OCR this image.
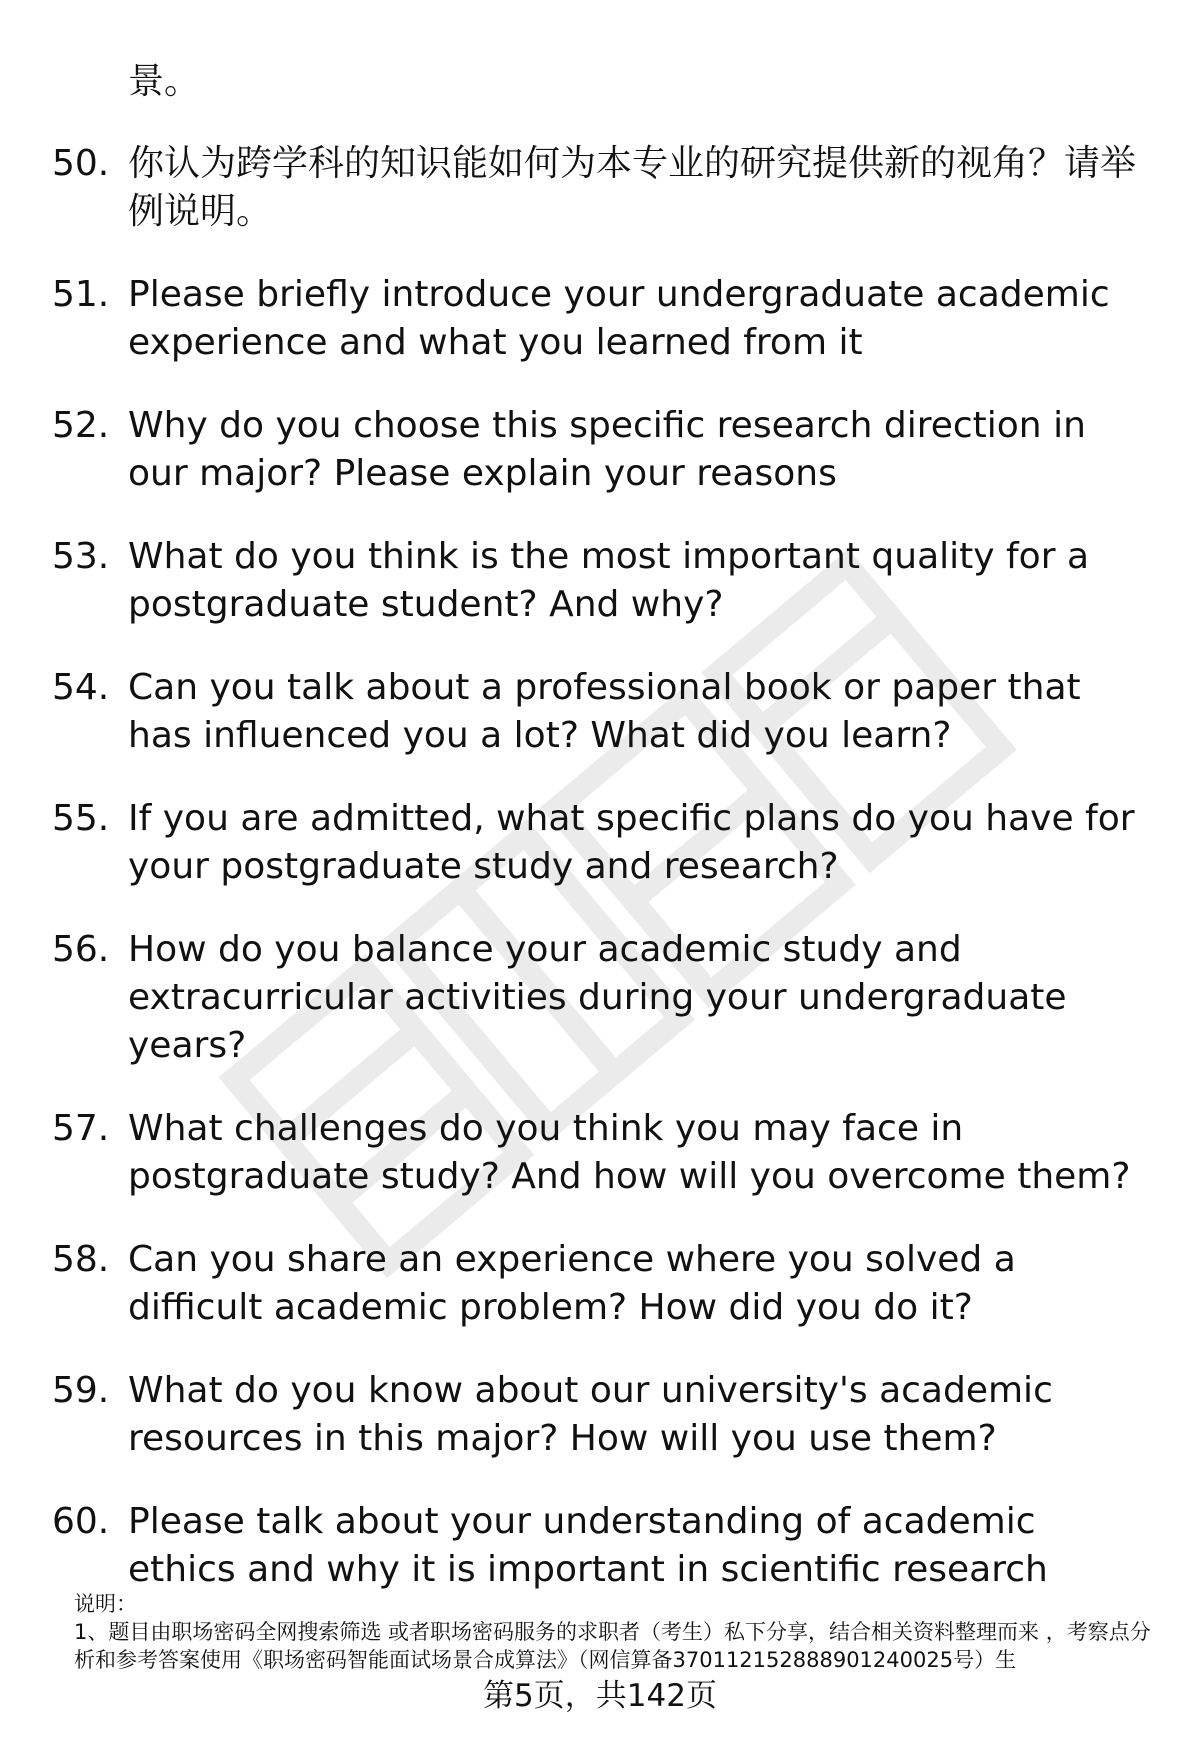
景。

50. 你认为跨学科的知识能如何为本专业的研究提供新的视角？请举例说明。
51. Please briefly introduce your undergraduate academic experience and what you learned from it
52. Why do you choose this specific research direction in our major? Please explain your reasons
53. What do you think is the most important quality for a postgraduate student? And why?
54. Can you talk about a professional book or paper that has influenced you a lot? What did you learn?
55. If you are admitted, what specific plans do you have for your postgraduate study and research?
56. How do you balance your academic study and extracurricular activities during your undergraduate years?
57. What challenges do you think you may face in postgraduate study? And how will you overcome them?
58. Can you share an experience where you solved a difficult academic problem? How did you do it?
59. What do you know about our university's academic resources in this major? How will you use them?
60. Please talk about your understanding of academic ethics and why it is important in scientific research

说明：

1、题目由职场密码全网搜索筛选 或者职场密码服务的求职者（考生）私下分享，结合相关资料整理而来 ，考察点分析和参考答案使用《职场密码智能面试场景合成算法》（网信算备370112152888901240025号）生

第5页，共142页
